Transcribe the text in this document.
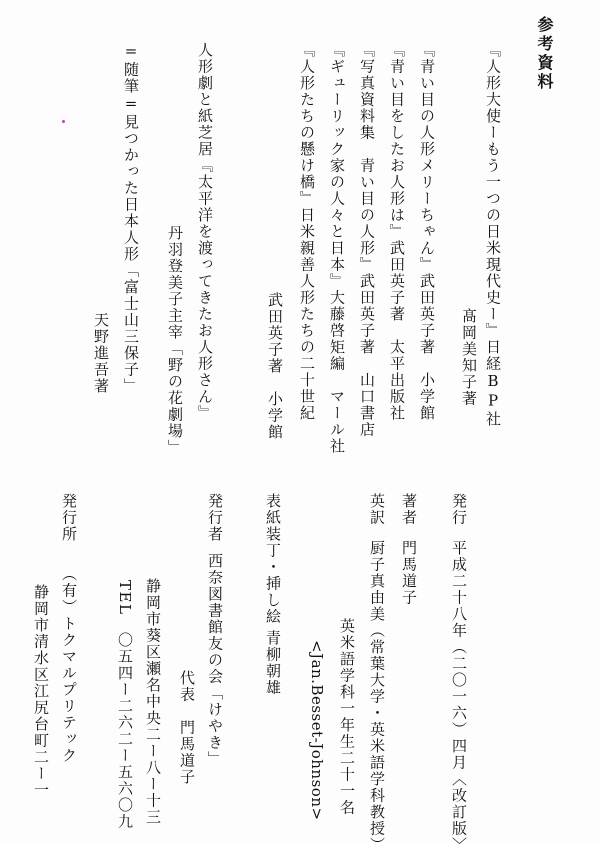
参考資料
『人形大使ーもう一つの日米現代史ー』日経BP社
髙岡美知子著
『青い目の人形メリーちゃん』武田英子著　小学館
『青い目をしたお人形は』武田英子著　太平出版社
『写真資料集　青い目の人形』武田英子著　山口書店
『ギューリック家の人々と日本』大藤啓矩編　マール社
『人形たちの懸け橋』日米親善人形たちの二十世紀
武田英子著　小学館
人形劇と紙芝居『太平洋を渡ってきたお人形さん』
丹羽登美子主宰「野の花劇場」
=随筆=見つかった日本人形「富士山三保子」
天野進吾著
発行
平成二十八年（二〇一六）四月〈改訂版〉
著者
門馬道子
英訳
厨子真由美（常葉大学・英米語学科教授）
英米語学科一年生二十一名
<Jan.Besset-Johnson>
表紙装丁・挿し絵
青柳朝雄
発行者
西奈図書館友の会「けやき」
代表　門馬道子
静岡市葵区瀬名中央二ー八ー十三
TEL　〇五四ー二六二ー五六〇九
発行所
（有）トクマルプリテック
静岡市清水区江尻台町二ー一
